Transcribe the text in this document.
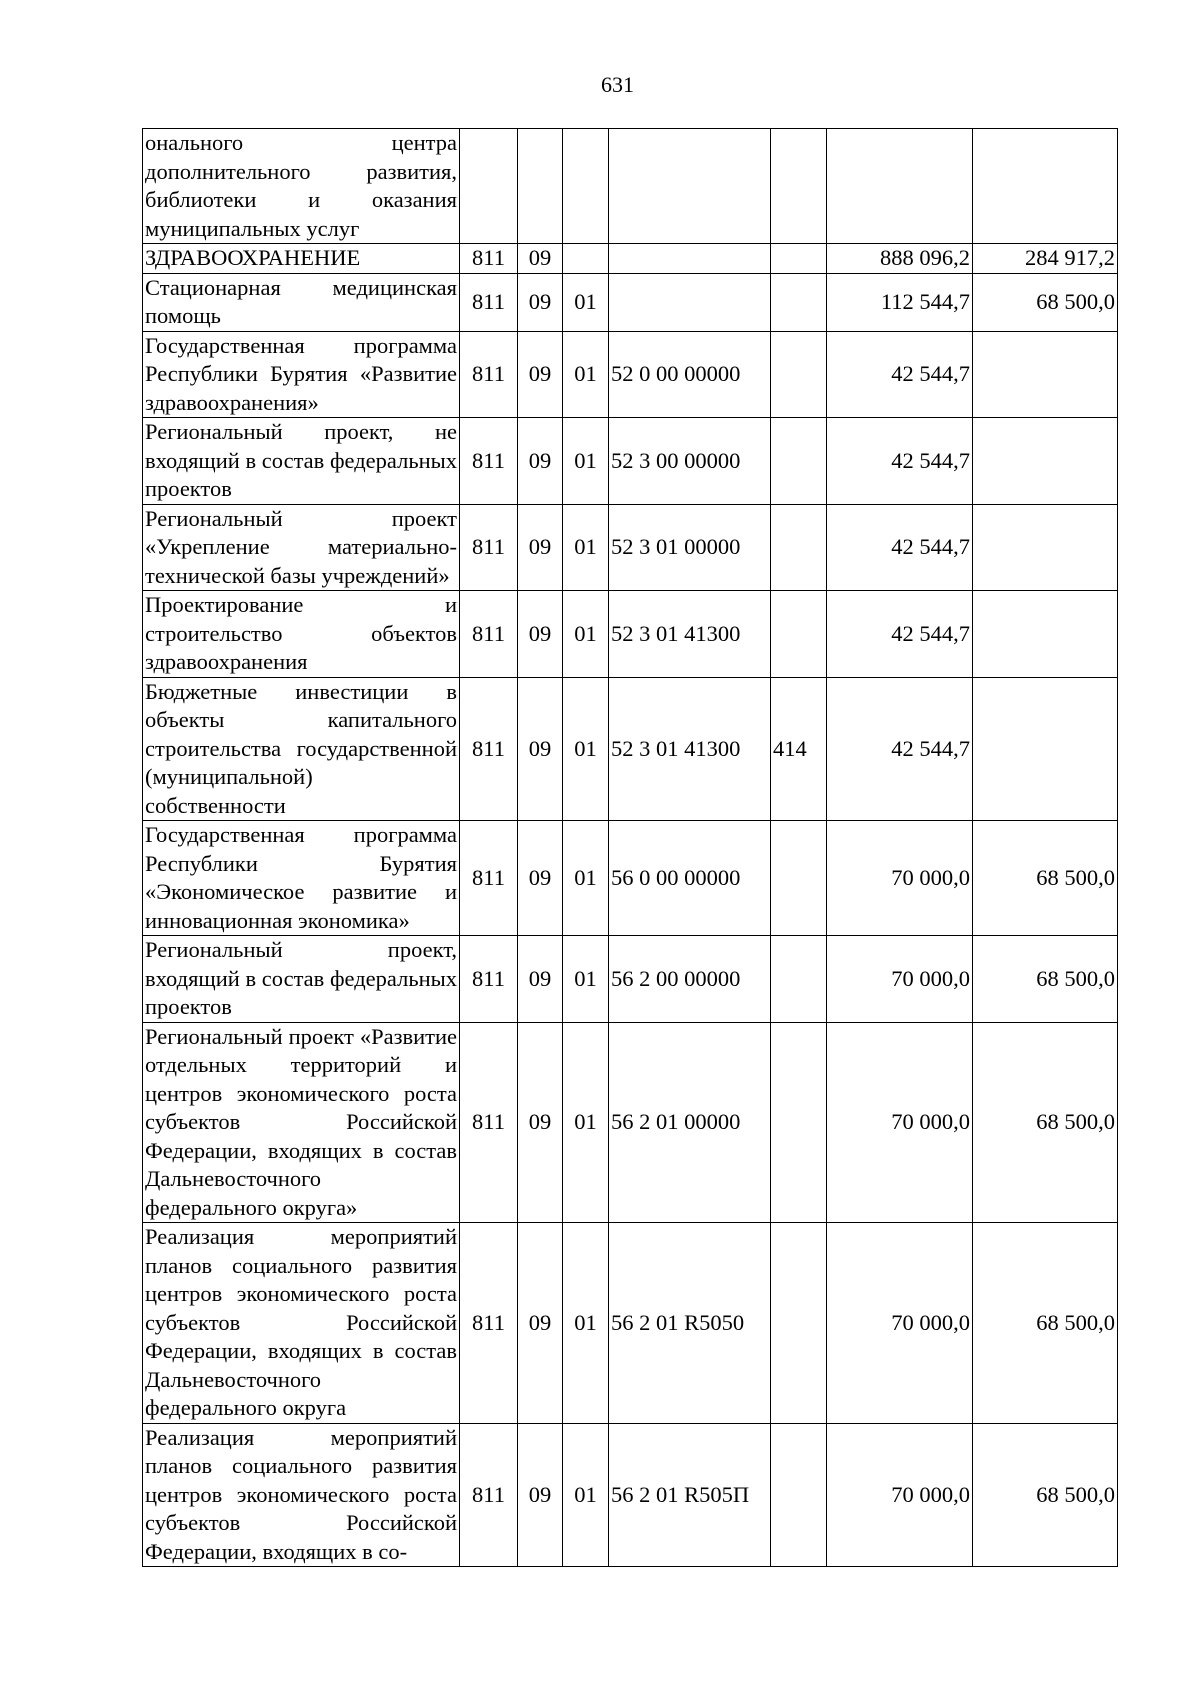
631
онального центра дополнительного развития, библиотеки и оказания муниципальных услуг							
ЗДРАВООХРАНЕНИЕ	811	09				888 096,2	284 917,2
Стационарная медицинская помощь	811	09	01			112 544,7	68 500,0
Государственная программа Республики Бурятия «Развитие здравоохранения»	811	09	01	52 0 00 00000		42 544,7	
Региональный проект, не входящий в состав федеральных проектов	811	09	01	52 3 00 00000		42 544,7	
Региональный проект «Укрепление материально-технической базы учреждений»	811	09	01	52 3 01 00000		42 544,7	
Проектирование и строительство объектов здравоохранения	811	09	01	52 3 01 41300		42 544,7	
Бюджетные инвестиции в объекты капитального строительства государственной (муниципальной) собственности	811	09	01	52 3 01 41300	414	42 544,7	
Государственная программа Республики Бурятия «Экономическое развитие и инновационная экономика»	811	09	01	56 0 00 00000		70 000,0	68 500,0
Региональный проект, входящий в состав федеральных проектов	811	09	01	56 2 00 00000		70 000,0	68 500,0
Региональный проект «Развитие отдельных территорий и центров экономического роста субъектов Российской Федерации, входящих в состав Дальневосточного федерального округа»	811	09	01	56 2 01 00000		70 000,0	68 500,0
Реализация мероприятий планов социального развития центров экономического роста субъектов Российской Федерации, входящих в состав Дальневосточного федерального округа	811	09	01	56 2 01 R5050		70 000,0	68 500,0
Реализация мероприятий планов социального развития центров экономического роста субъектов Российской Федерации, входящих в со-	811	09	01	56 2 01 R505П		70 000,0	68 500,0
